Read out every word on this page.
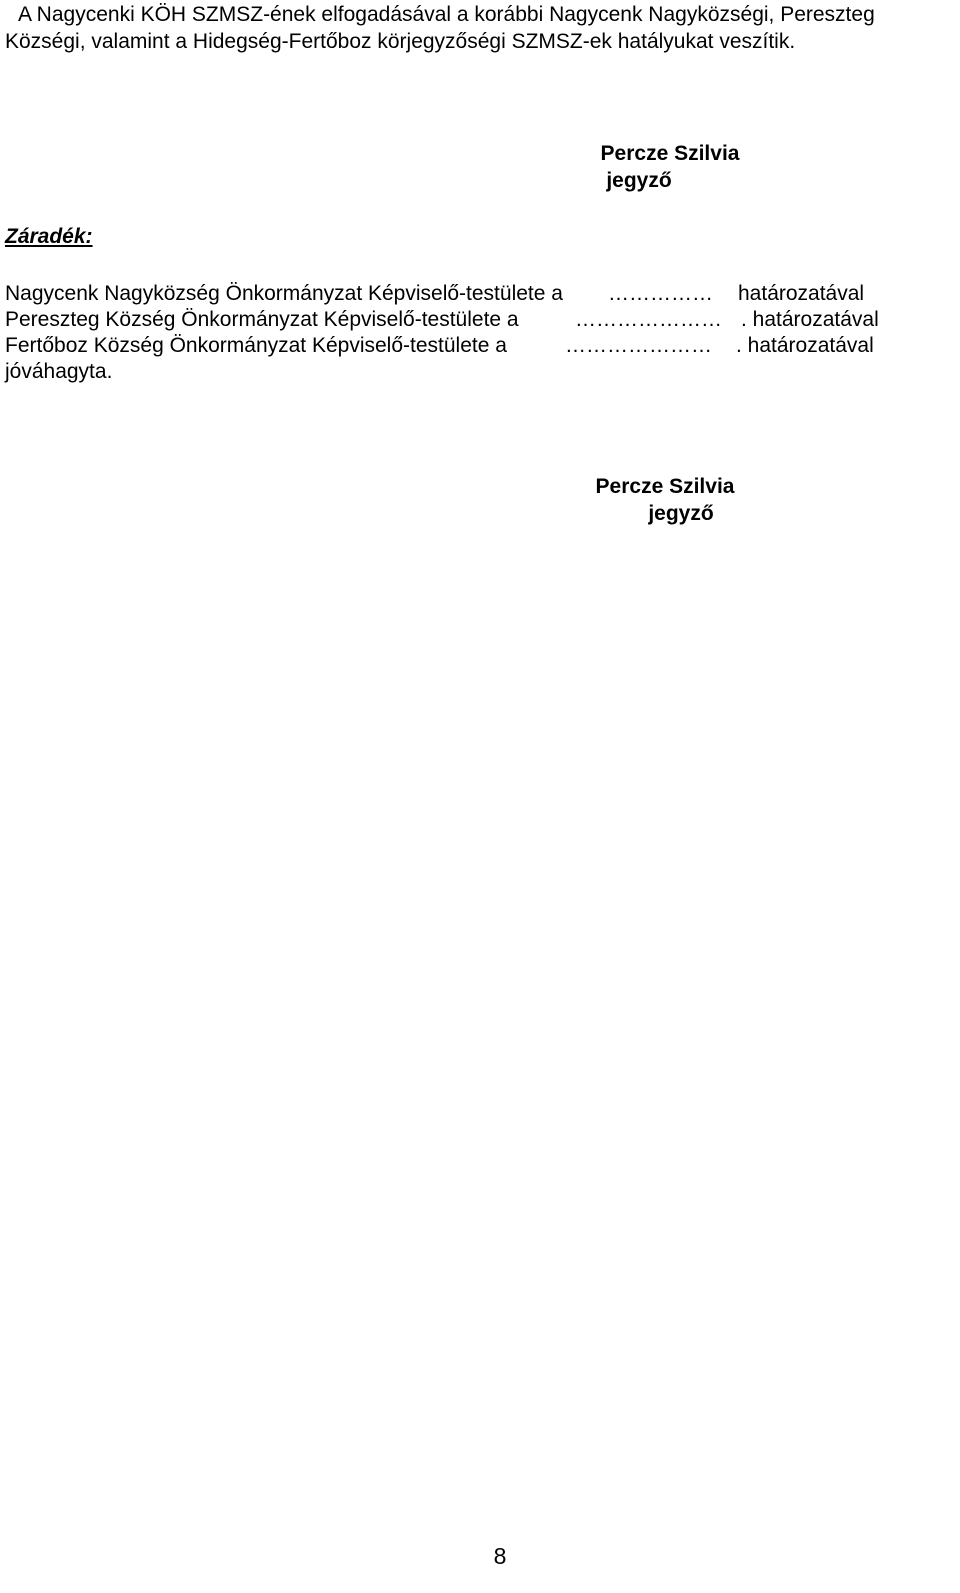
A Nagycenki KÖH SZMSZ-ének elfogadásával a korábbi Nagycenk Nagyközségi, Pereszteg
Községi, valamint a Hidegség-Fertőboz körjegyzőségi SZMSZ-ek hatályukat veszítik.
Percze Szilvia
jegyző
Záradék:
Nagycenk Nagyközség Önkormányzat Képviselő-testülete a …………… határozatával
Pereszteg Község Önkormányzat Képviselő-testülete a	………………… . határozatával
Fertőboz Község Önkormányzat Képviselő-testülete a	………………… . határozatával
jóváhagyta.
Percze Szilvia
jegyző
8
